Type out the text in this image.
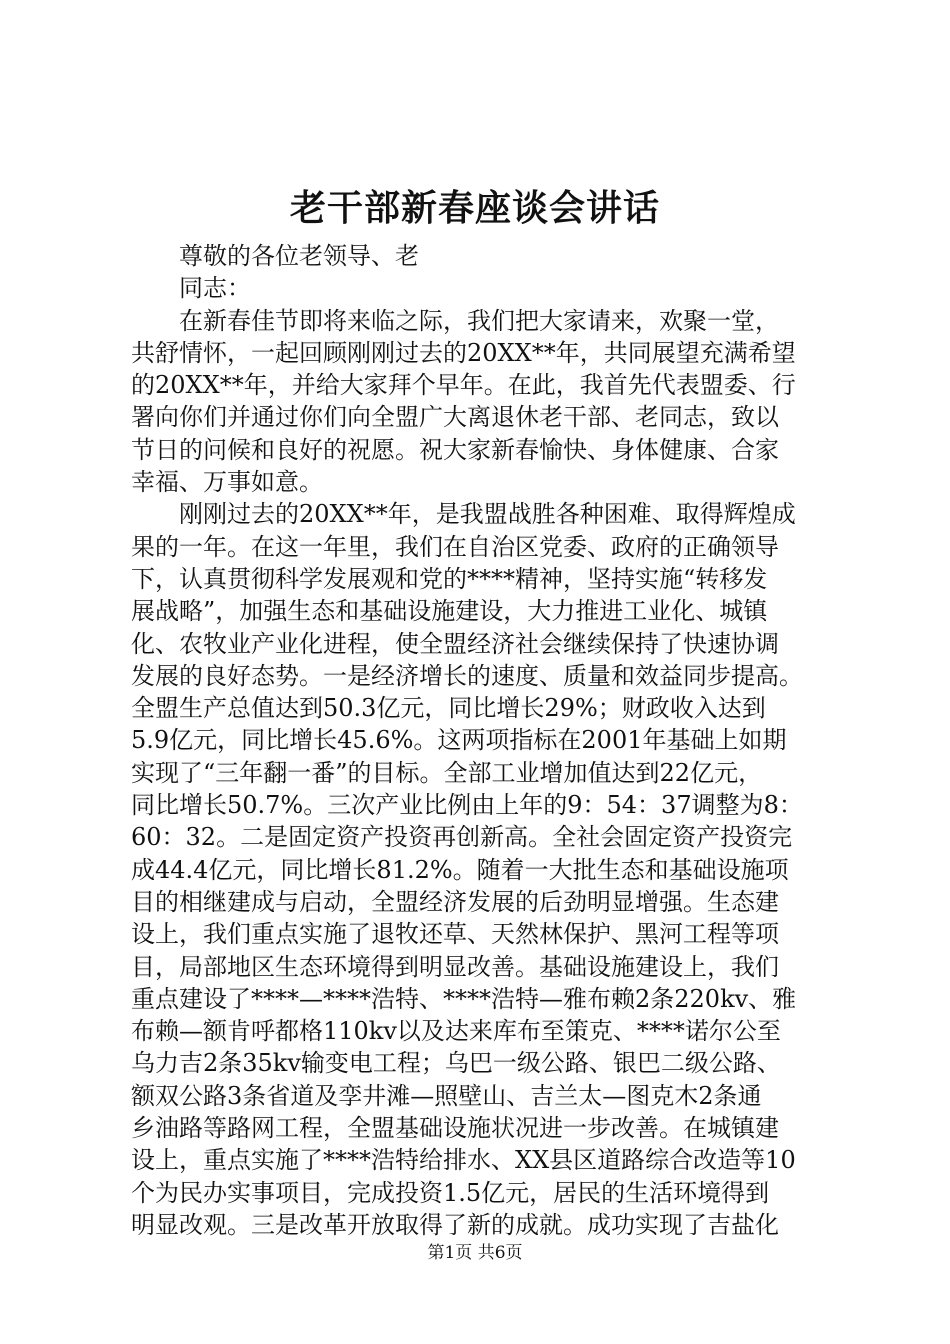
老干部新春座谈会讲话
尊敬的各位老领导、老
同志：
在新春佳节即将来临之际，我们把大家请来，欢聚一堂，
共舒情怀，一起回顾刚刚过去的20XX**年，共同展望充满希望
的20XX**年，并给大家拜个早年。在此，我首先代表盟委、行
署向你们并通过你们向全盟广大离退休老干部、老同志，致以
节日的问候和良好的祝愿。祝大家新春愉快、身体健康、合家
幸福、万事如意。
刚刚过去的20XX**年，是我盟战胜各种困难、取得辉煌成
果的一年。在这一年里，我们在自治区党委、政府的正确领导
下，认真贯彻科学发展观和党的****精神，坚持实施“转移发
展战略”，加强生态和基础设施建设，大力推进工业化、城镇
化、农牧业产业化进程，使全盟经济社会继续保持了快速协调
发展的良好态势。一是经济增长的速度、质量和效益同步提高。
全盟生产总值达到50.3亿元，同比增长29%；财政收入达到
5.9亿元，同比增长45.6%。这两项指标在2001年基础上如期
实现了“三年翻一番”的目标。全部工业增加值达到22亿元，
同比增长50.7%。三次产业比例由上年的9：54：37调整为8：
60：32。二是固定资产投资再创新高。全社会固定资产投资完
成44.4亿元，同比增长81.2%。随着一大批生态和基础设施项
目的相继建成与启动，全盟经济发展的后劲明显增强。生态建
设上，我们重点实施了退牧还草、天然林保护、黑河工程等项
目，局部地区生态环境得到明显改善。基础设施建设上，我们
重点建设了****—****浩特、****浩特—雅布赖2条220kv、雅
布赖—额肯呼都格110kv以及达来库布至策克、****诺尔公至
乌力吉2条35kv输变电工程；乌巴一级公路、银巴二级公路、
额双公路3条省道及孪井滩—照壁山、吉兰太—图克木2条通
乡油路等路网工程，全盟基础设施状况进一步改善。在城镇建
设上，重点实施了****浩特给排水、XX县区道路综合改造等10
个为民办实事项目，完成投资1.5亿元，居民的生活环境得到
明显改观。三是改革开放取得了新的成就。成功实现了吉盐化
第1页 共6页
